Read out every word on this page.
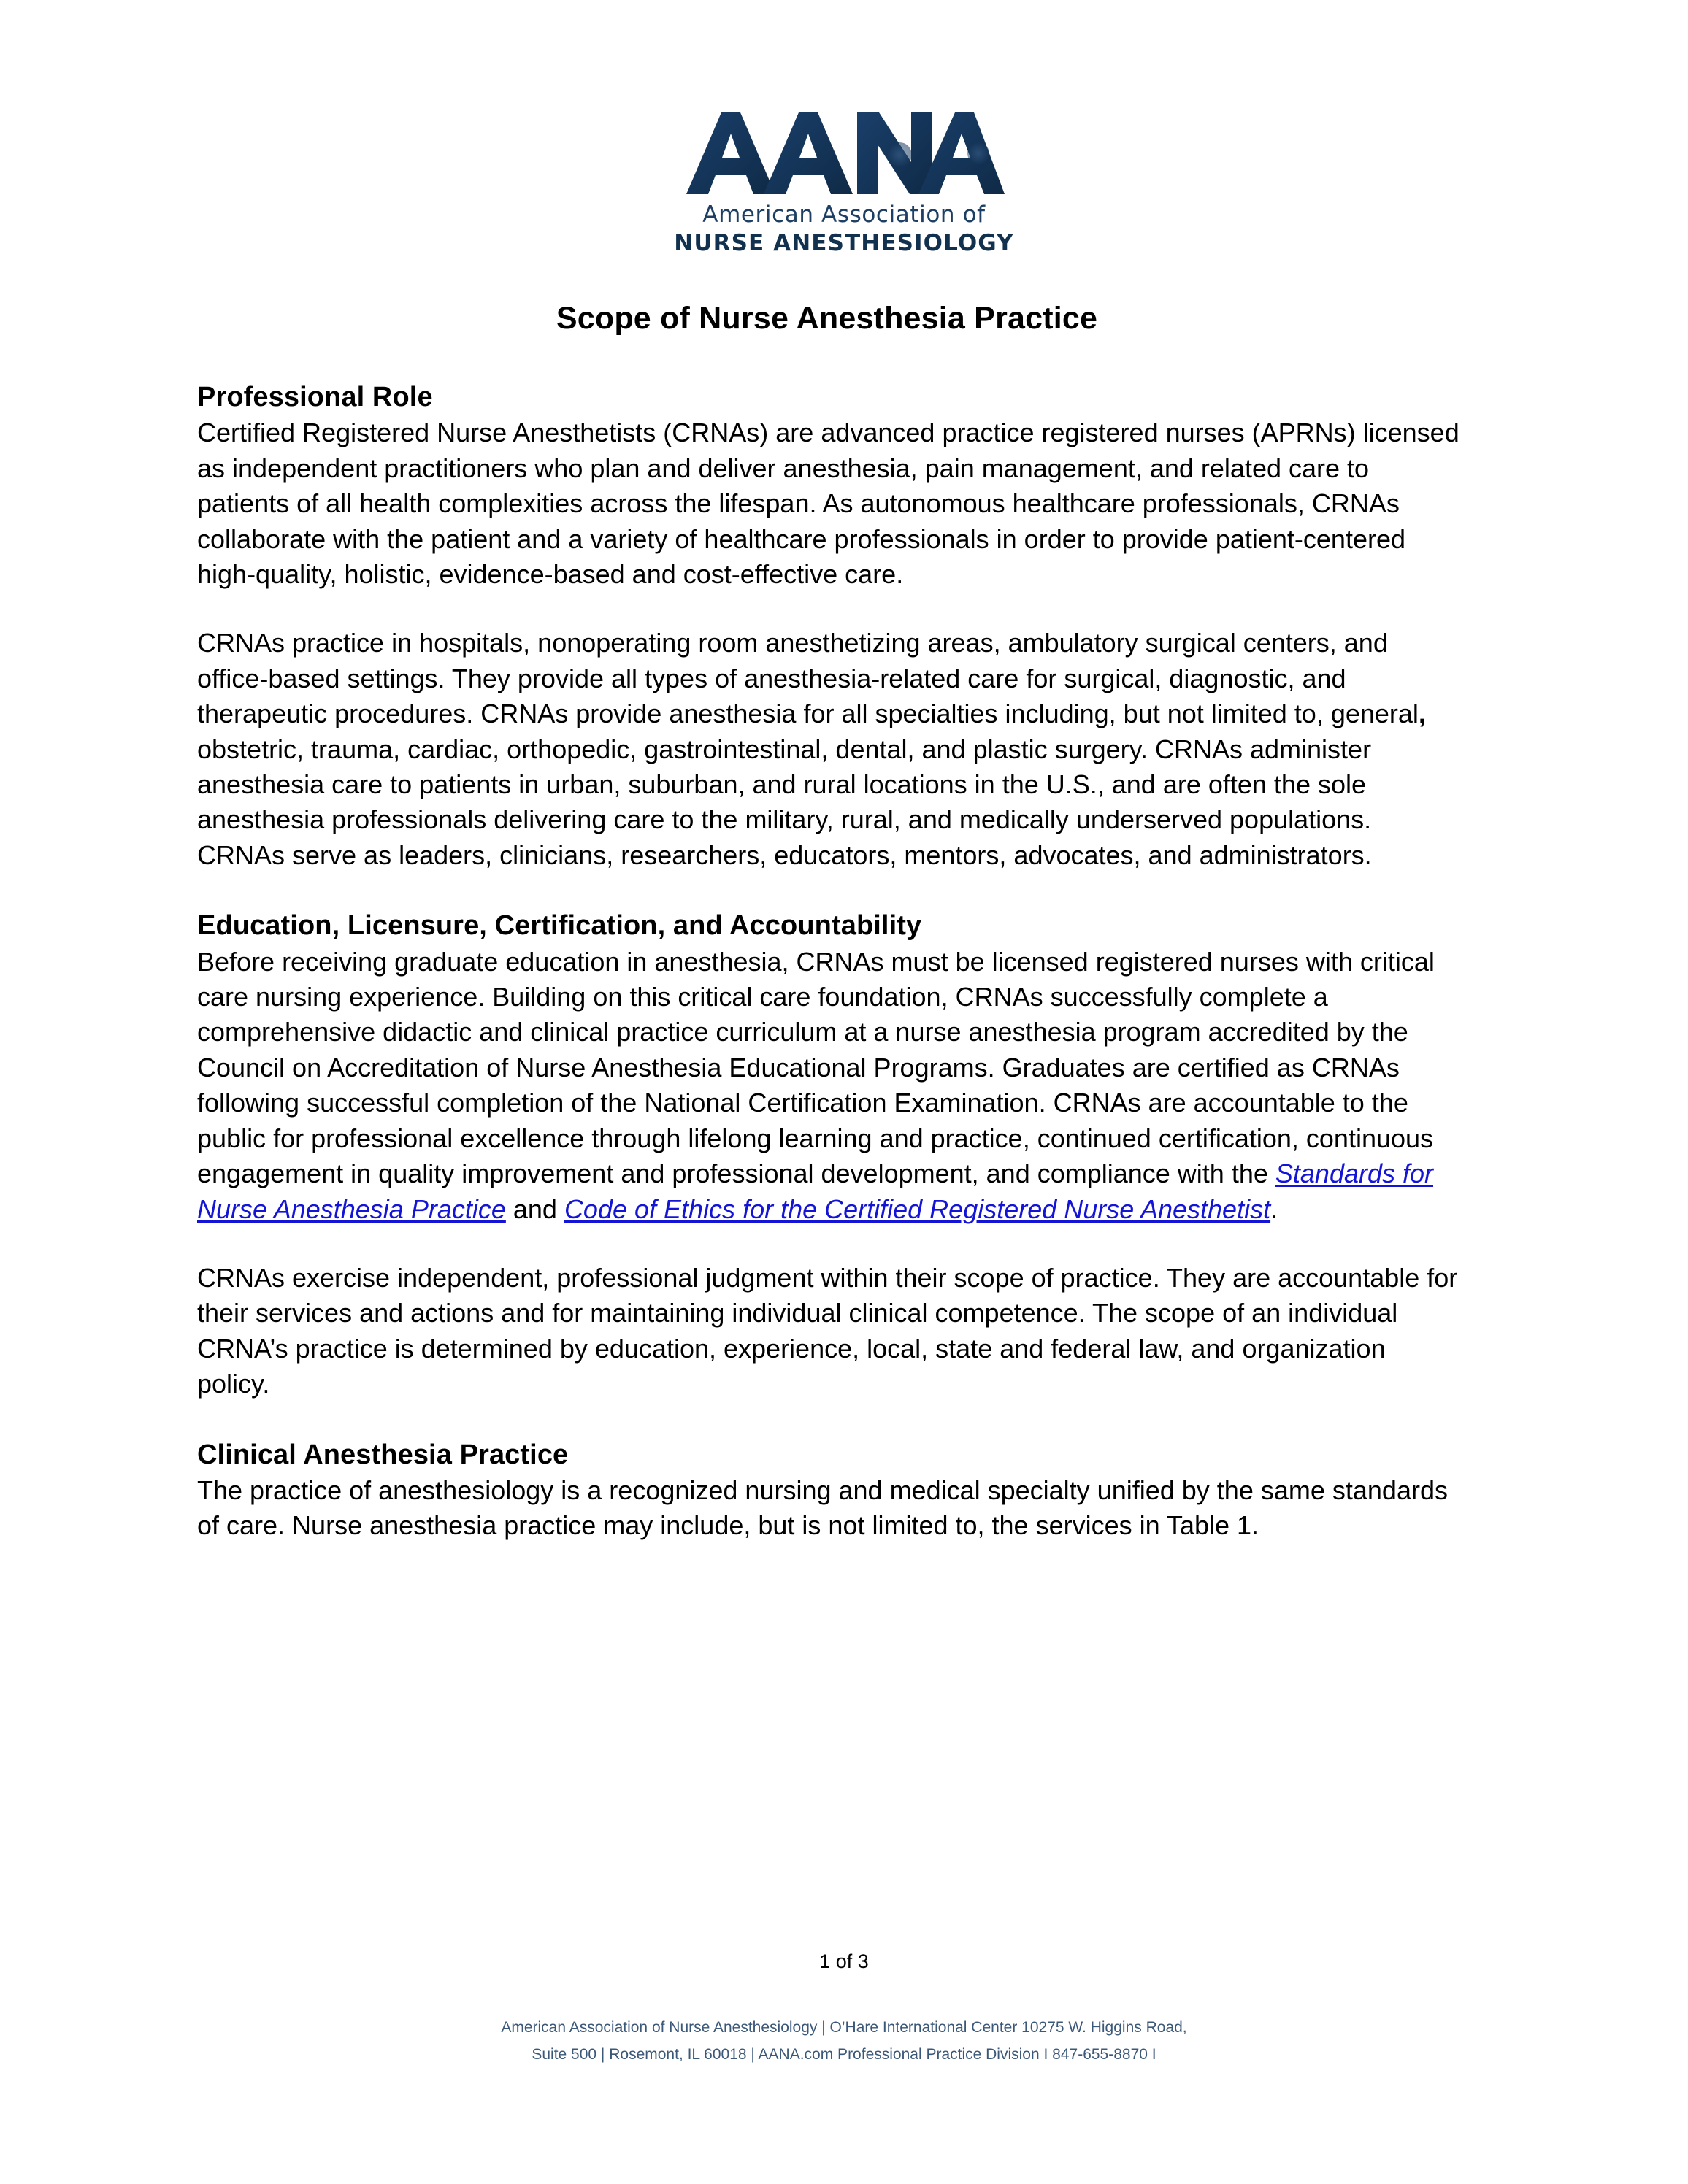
American Association of
NURSE ANESTHESIOLOGY
Scope of Nurse Anesthesia Practice
Professional Role

Certified Registered Nurse Anesthetists (CRNAs) are advanced practice registered nurses (APRNs) licensed as independent practitioners who plan and deliver anesthesia, pain management, and related care to patients of all health complexities across the lifespan. As autonomous healthcare professionals, CRNAs collaborate with the patient and a variety of healthcare professionals in order to provide patient-centered high-quality, holistic, evidence-based and cost-effective care.

CRNAs practice in hospitals, nonoperating room anesthetizing areas, ambulatory surgical centers, and office-based settings. They provide all types of anesthesia-related care for surgical, diagnostic, and therapeutic procedures. CRNAs provide anesthesia for all specialties including, but not limited to, general, obstetric, trauma, cardiac, orthopedic, gastrointestinal, dental, and plastic surgery. CRNAs administer anesthesia care to patients in urban, suburban, and rural locations in the U.S., and are often the sole anesthesia professionals delivering care to the military, rural, and medically underserved populations. CRNAs serve as leaders, clinicians, researchers, educators, mentors, advocates, and administrators.

Education, Licensure, Certification, and Accountability

Before receiving graduate education in anesthesia, CRNAs must be licensed registered nurses with critical care nursing experience. Building on this critical care foundation, CRNAs successfully complete a comprehensive didactic and clinical practice curriculum at a nurse anesthesia program accredited by the Council on Accreditation of Nurse Anesthesia Educational Programs. Graduates are certified as CRNAs following successful completion of the National Certification Examination. CRNAs are accountable to the public for professional excellence through lifelong learning and practice, continued certification, continuous engagement in quality improvement and professional development, and compliance with the Standards for Nurse Anesthesia Practice and Code of Ethics for the Certified Registered Nurse Anesthetist.

CRNAs exercise independent, professional judgment within their scope of practice. They are accountable for their services and actions and for maintaining individual clinical competence. The scope of an individual CRNA’s practice is determined by education, experience, local, state and federal law, and organization policy.

Clinical Anesthesia Practice

The practice of anesthesiology is a recognized nursing and medical specialty unified by the same standards of care. Nurse anesthesia practice may include, but is not limited to, the services in Table 1.

1 of 3
American Association of Nurse Anesthesiology | O’Hare International Center 10275 W. Higgins Road,
Suite 500 | Rosemont, IL 60018 | AANA.com Professional Practice Division I 847-655-8870 I
